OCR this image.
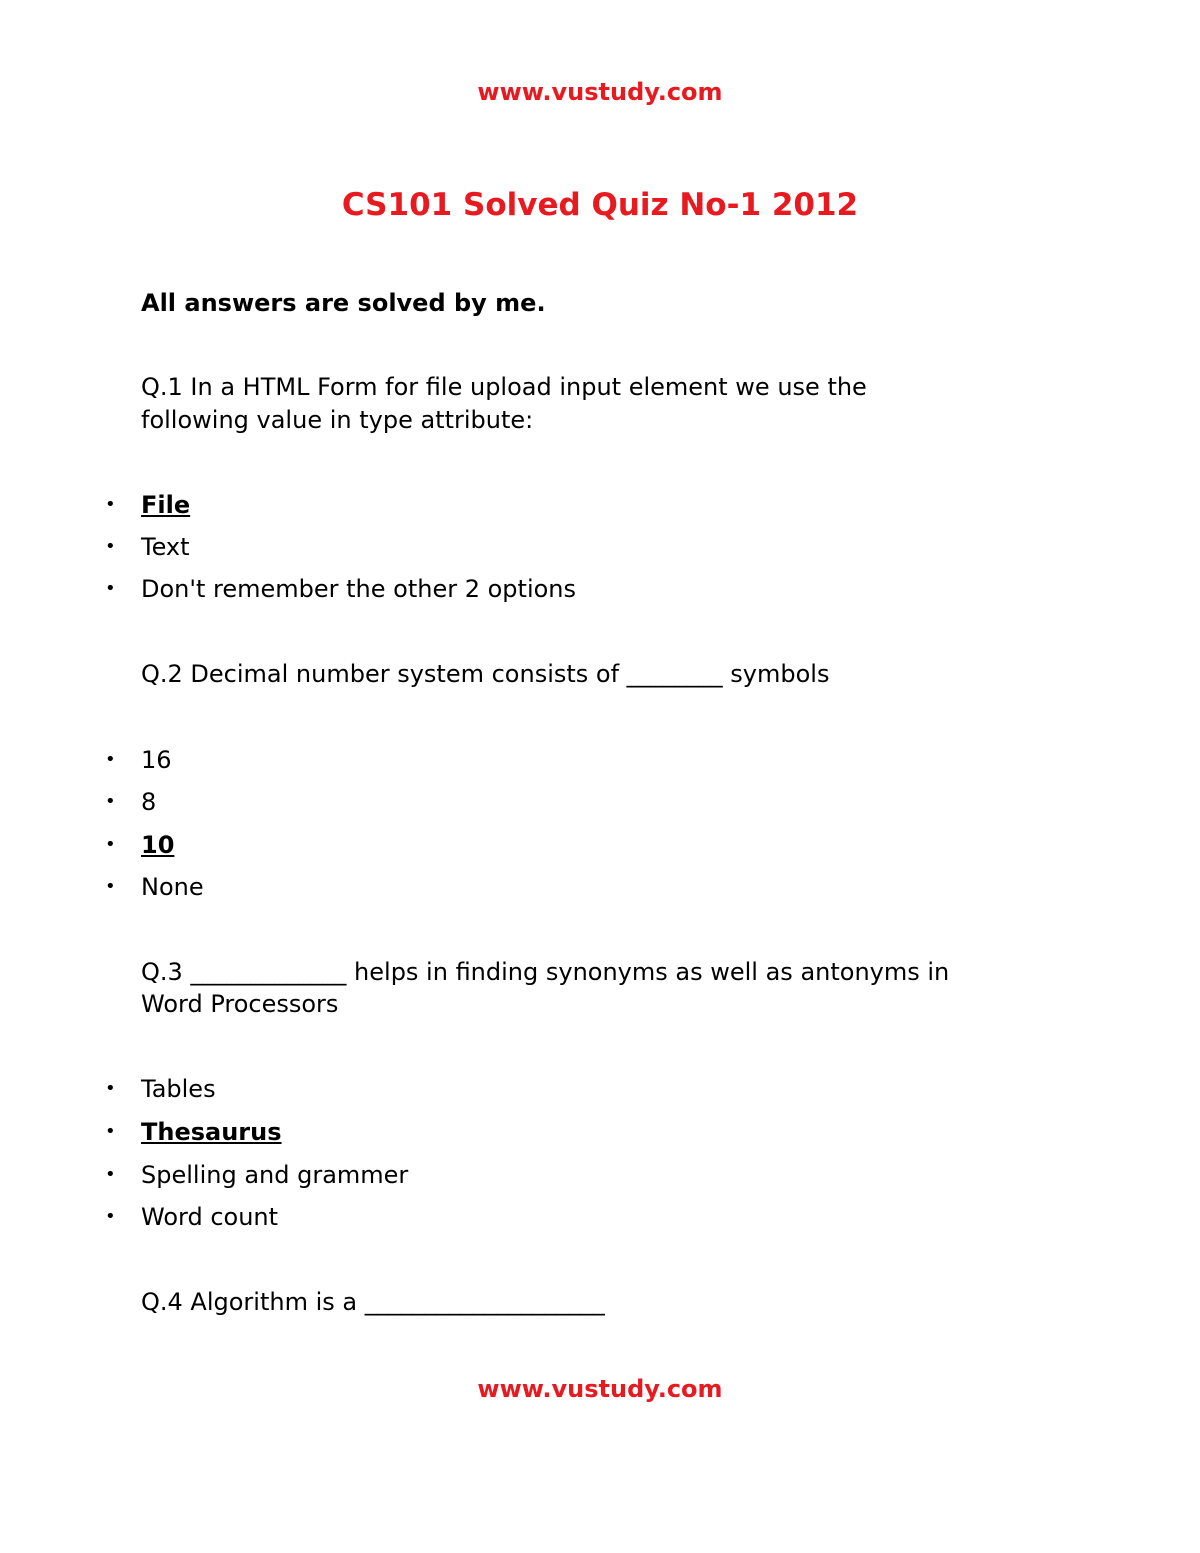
www.vustudy.com
CS101 Solved Quiz No-1 2012
All answers are solved by me.
Q.1 In a HTML Form for file upload input element we use the
following value in type attribute:
• File
• Text
• Don't remember the other 2 options
Q.2 Decimal number system consists of ________ symbols
• 16
• 8
• 10
• None
Q.3 _____________ helps in finding synonyms as well as antonyms in
Word Processors
• Tables
• Thesaurus
• Spelling and grammer
• Word count
Q.4 Algorithm is a ____________________
www.vustudy.com
